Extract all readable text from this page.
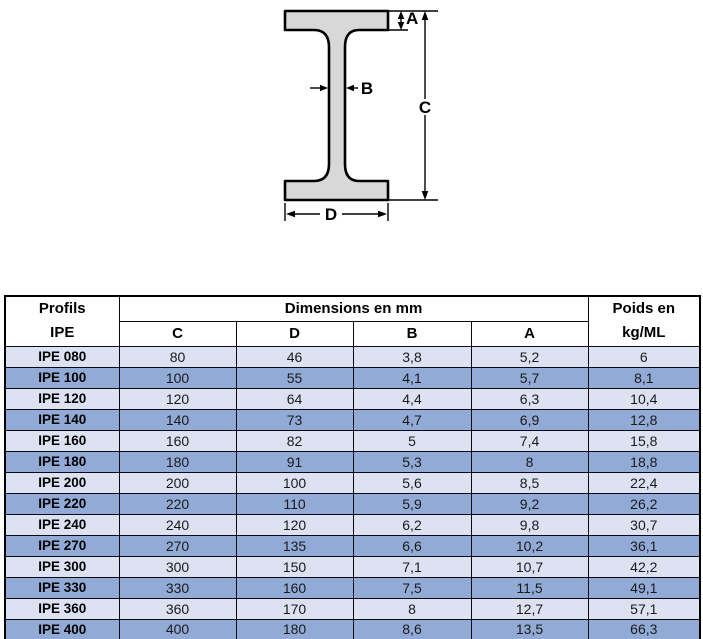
A
B
C
D
Profils
IPE
	Dimensions en mm	Poids en
kg/ML

	C	D	B	A	
IPE 080	80	46	3,8	5,2	6
IPE 100	100	55	4,1	5,7	8,1
IPE 120	120	64	4,4	6,3	10,4
IPE 140	140	73	4,7	6,9	12,8
IPE 160	160	82	5	7,4	15,8
IPE 180	180	91	5,3	8	18,8
IPE 200	200	100	5,6	8,5	22,4
IPE 220	220	110	5,9	9,2	26,2
IPE 240	240	120	6,2	9,8	30,7
IPE 270	270	135	6,6	10,2	36,1
IPE 300	300	150	7,1	10,7	42,2
IPE 330	330	160	7,5	11,5	49,1
IPE 360	360	170	8	12,7	57,1
IPE 400	400	180	8,6	13,5	66,3
